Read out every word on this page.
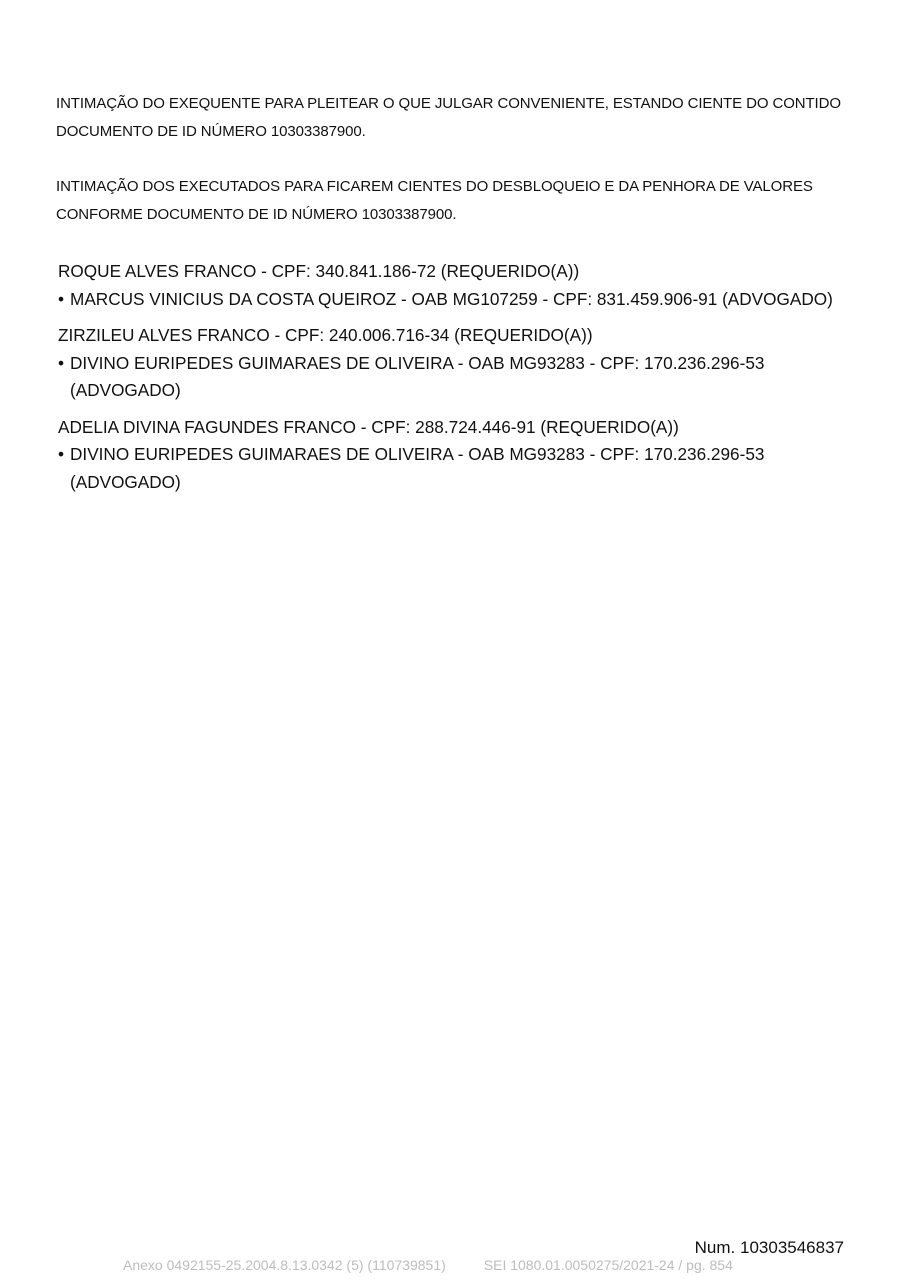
INTIMAÇÃO DO EXEQUENTE PARA PLEITEAR O QUE JULGAR CONVENIENTE, ESTANDO CIENTE DO CONTIDO DOCUMENTO DE ID NÚMERO 10303387900.
INTIMAÇÃO DOS EXECUTADOS PARA FICAREM CIENTES DO DESBLOQUEIO E DA PENHORA DE VALORES CONFORME DOCUMENTO DE ID NÚMERO 10303387900.
ROQUE ALVES FRANCO - CPF: 340.841.186-72 (REQUERIDO(A))
• MARCUS VINICIUS DA COSTA QUEIROZ - OAB MG107259 - CPF: 831.459.906-91 (ADVOGADO)
ZIRZILEU ALVES FRANCO - CPF: 240.006.716-34 (REQUERIDO(A))
• DIVINO EURIPEDES GUIMARAES DE OLIVEIRA - OAB MG93283 - CPF: 170.236.296-53 (ADVOGADO)
ADELIA DIVINA FAGUNDES FRANCO - CPF: 288.724.446-91 (REQUERIDO(A))
• DIVINO EURIPEDES GUIMARAES DE OLIVEIRA - OAB MG93283 - CPF: 170.236.296-53 (ADVOGADO)
Num. 10303546837
Anexo 0492155-25.2004.8.13.0342 (5) (110739851)	SEI 1080.01.0050275/2021-24 / pg. 854
